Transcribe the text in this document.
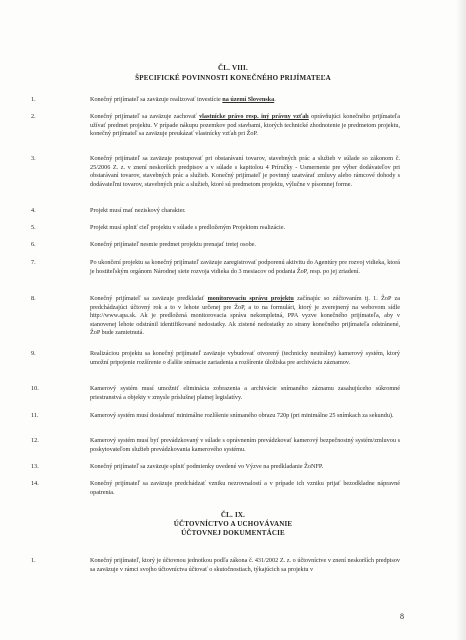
ČL. VIII.
ŠPECIFICKÉ POVINNOSTI KONEČNÉHO PRIJÍMATEĽA
1.	Konečný prijímateľ sa zaväzuje realizovať investície na území Slovenska.
2.	Konečný prijímateľ sa zaväzuje zachovať vlastnícke právo resp. iný právny vzťah oprávňujúci konečného prijímateľa užívať predmet projektu. V prípade nákupu pozemkov pod stavbami, ktorých technické zhodnotenie je predmetom projektu, konečný prijímateľ sa zaväzuje preukázať vlastnícky vzťah pri ŽoP.
3.	Konečný prijímateľ sa zaväzuje postupovať pri obstarávaní tovarov, stavebných prác a služieb v súlade so zákonom č. 25/2006 Z. z. v znení neskorších predpisov a v súlade s kapitolou 4 Príručky - Usmernenie pre výber dodávateľov pri obstarávaní tovarov, stavebných prác a služieb. Konečný prijímateľ je povinný uzatvárať zmluvy alebo rámcové dohody s dodávateľmi tovarov, stavebných prác a služieb, ktoré sú predmetom projektu, výlučne v písomnej forme.
4.	Projekt musí mať neziskový charakter.
5.	Projekt musí splniť cieľ projektu v súlade s predloženým Projektom realizácie.
6.	Konečný prijímateľ nesmie predmet projektu prenajať tretej osobe.
7.	Po ukončení projektu sa konečný prijímateľ zaväzuje zaregistrovať podporenú aktivitu do Agentúry pre rozvoj vidieka, ktorá je hostiteľským orgánom Národnej siete rozvoja vidieka do 3 mesiacov od podania ŽoP, resp. po jej zriadení.
8.	Konečný prijímateľ sa zaväzuje predkladať monitorovaciu správu projektu začínajúc so zúčtovaním tj. 1. ŽoP za predchádzajúci účtovný rok a to v lehote určenej pre ŽoP, a to na formulári, ktorý je zverejnený na webovom sídle http://www.apa.sk. Ak je predložená monitorovacia správa nekompletná, PPA vyzve konečného prijímateľa, aby v stanovenej lehote odstránil identifikované nedostatky. Ak zistené nedostatky zo strany konečného prijímateľa odstránené, ŽoP bude zamietnutá.
9.	Realizáciou projektu sa konečný prijímateľ zaväzuje vybudovať otvorený (technicky neutrálny) kamerový systém, ktorý umožní pripojenie rozšírenie o ďalšie snímacie zariadenia a rozšírenie úložiska pre archiváciu záznamov.
10.	Kamerový systém musí umožniť eliminácia zobrazenia a archivácie snímaného záznamu zasahujúceho súkromné priestranstvá a objekty v zmysle príslušnej platnej legislatívy.
11.	Kamerový systém musí dosiahnuť minimálne rozlíšenie snímaného obrazu 720p (pri minimálne 25 snímkach za sekundu).
12.	Kamerový systém musí byť prevádzkovaný v súlade s oprávnením prevádzkovať kamerový bezpečnostný systém/zmluvou s poskytovateľom služieb prevádzkovania kamerového systému.
13.	Konečný prijímateľ sa zaväzuje splniť podmienky uvedené vo Výzve na predkladanie ŽoNFP.
14.	Konečný prijímateľ sa zaväzuje predchádzať vzniku nezrovnalostí a v prípade ich vzniku prijať bezodkladne nápravné opatrenia.
ČL. IX.
ÚČTOVNÍCTVO A UCHOVÁVANIE
ÚČTOVNEJ DOKUMENTÁCIE
1.	Konečný prijímateľ, ktorý je účtovnou jednotkou podľa zákona č. 431/2002 Z. z. o účtovníctve v znení neskorších predpisov sa zaväzuje v rámci svojho účtovníctva účtovať o skutočnostiach, týkajúcich sa projektu v
8
